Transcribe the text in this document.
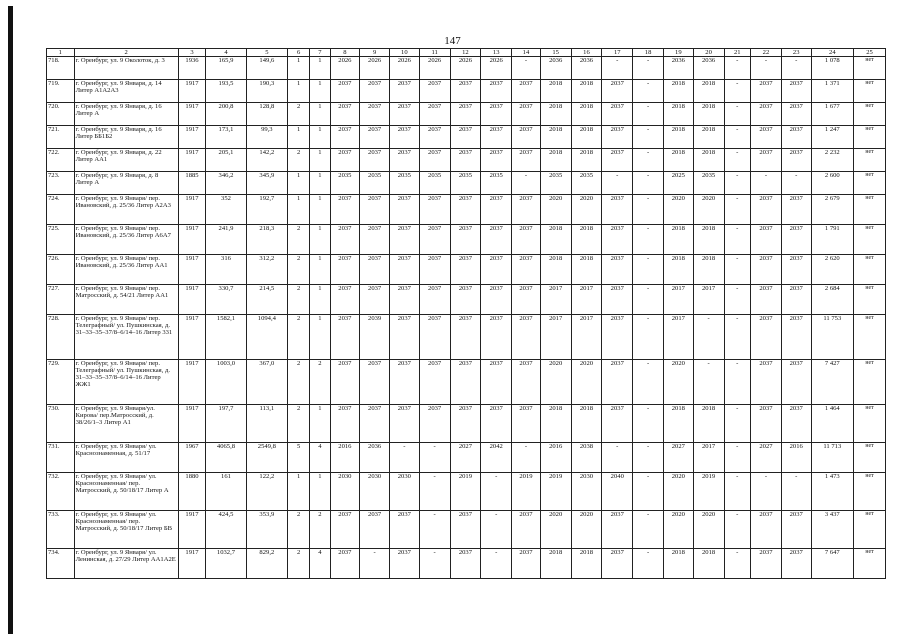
147
1	2	3	4	5	6	7	8	9	10	11	12	13	14	15	16	17	18	19	20	21	22	23	24	25
718.	г. Оренбург, ул. 9 Околоток, д. 3	1936	165,9	149,6	1	1	2026	2026	2026	2026	2026	2026	-	2036	2036	-	-	2036	2036	-	-	-	1 078	нет
719.	г. Оренбург, ул. 9 Января, д. 14 Литер А1А2А3	1917	193,5	190,3	1	1	2037	2037	2037	2037	2037	2037	2037	2018	2018	2037	-	2018	2018	-	2037	2037	1 371	нет
720.	г. Оренбург, ул. 9 Января, д. 16 Литер А	1917	200,8	128,8	2	1	2037	2037	2037	2037	2037	2037	2037	2018	2018	2037	-	2018	2018	-	2037	2037	1 677	нет
721.	г. Оренбург, ул. 9 Января, д. 16 Литер ББ1Б2	1917	173,1	99,3	1	1	2037	2037	2037	2037	2037	2037	2037	2018	2018	2037	-	2018	2018	-	2037	2037	1 247	нет
722.	г. Оренбург, ул. 9 Января, д. 22 Литер АА1	1917	205,1	142,2	2	1	2037	2037	2037	2037	2037	2037	2037	2018	2018	2037	-	2018	2018	-	2037	2037	2 232	нет
723.	г. Оренбург, ул. 9 Января, д. 8 Литер А	1885	346,2	345,9	1	1	2035	2035	2035	2035	2035	2035	-	2035	2035	-	-	2025	2035	-	-	-	2 600	нет
724.	г. Оренбург, ул. 9 Января/ пер. Ивановский, д. 25/36 Литер А2А3	1917	352	192,7	1	1	2037	2037	2037	2037	2037	2037	2037	2020	2020	2037	-	2020	2020	-	2037	2037	2 679	нет
725.	г. Оренбург, ул. 9 Января/ пер. Ивановский, д. 25/36 Литер А6А7	1917	241,9	218,3	2	1	2037	2037	2037	2037	2037	2037	2037	2018	2018	2037	-	2018	2018	-	2037	2037	1 791	нет
726.	г. Оренбург, ул. 9 Января/ пер. Ивановский, д. 25/36 Литер АА1	1917	316	312,2	2	1	2037	2037	2037	2037	2037	2037	2037	2018	2018	2037	-	2018	2018	-	2037	2037	2 620	нет
727.	г. Оренбург, ул. 9 Января/ пер. Матросский, д. 54/21 Литер АА1	1917	330,7	214,5	2	1	2037	2037	2037	2037	2037	2037	2037	2017	2017	2037	-	2017	2017	-	2037	2037	2 684	нет
728.	г. Оренбург, ул. 9 Января/ пер. Телеграфный/ ул. Пушкинская, д. 31–33–35–37/8–6/14–16 Литер 331	1917	1582,1	1094,4	2	1	2037	2039	2037	2037	2037	2037	2037	2017	2017	2037	-	2017	-	-	2037	2037	11 753	нет
729.	г. Оренбург, ул. 9 Января/ пер. Телеграфный/ ул. Пушкинская, д. 31–33–35–37/8–6/14–16 Литер ЖЖ1	1917	1003,0	367,0	2	2	2037	2037	2037	2037	2037	2037	2037	2020	2020	2037	-	2020	-	-	2037	2037	7 427	нет
730.	г. Оренбург, ул. 9 Января/ул. Кирова/ пер.Матросский, д. 38/26/1–3 Литер А1	1917	197,7	113,1	2	1	2037	2037	2037	2037	2037	2037	2037	2018	2018	2037	-	2018	2018	-	2037	2037	1 464	нет
731.	г. Оренбург, ул. 9 Января/ ул. Краснознаменная, д. 51/17	1967	4065,8	2549,8	5	4	2016	2036	-	-	2027	2042	-	2016	2038	-	-	2027	2017	-	2027	2016	11 713	нет
732.	г. Оренбург, ул. 9 Января/ ул. Краснознаменная/ пер. Матросский, д. 50/18/17 Литер А	1880	161	122,2	1	1	2030	2030	2030	-	2019	-	2019	2019	2030	2040	-	2020	2019	-	-	-	1 473	нет
733.	г. Оренбург, ул. 9 Января/ ул. Краснознаменная/ пер. Матросский, д. 50/18/17 Литер БВ	1917	424,5	353,9	2	2	2037	2037	2037	-	2037	-	2037	2020	2020	2037	-	2020	2020	-	2037	2037	3 437	нет
734.	г. Оренбург, ул. 9 Января/ ул. Ленинская, д. 27/29 Литер АА1А2Е	1917	1032,7	829,2	2	4	2037	-	2037	-	2037	-	2037	2018	2018	2037	-	2018	2018	-	2037	2037	7 647	нет
